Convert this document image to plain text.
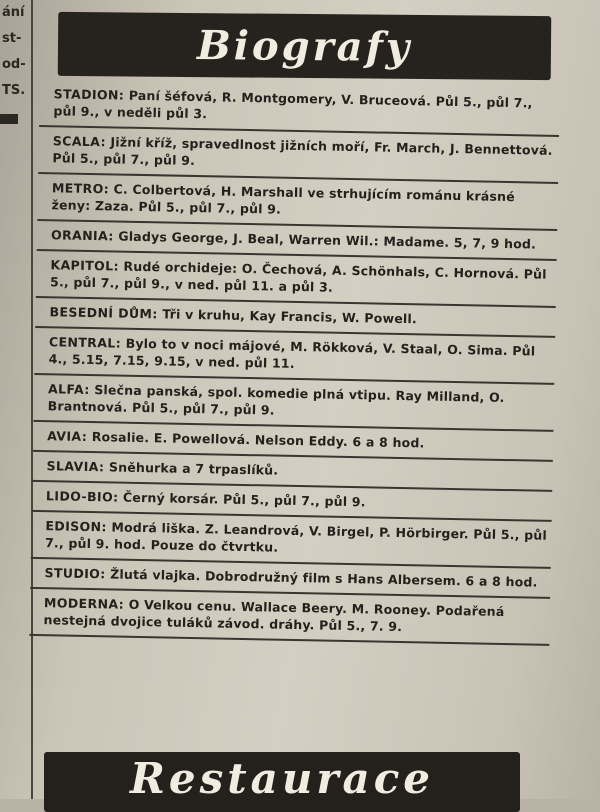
ání
st-
od-
TS.
Biografy
STADION: Paní šéfová, R. Montgomery, V. Bruceová. Půl 5., půl 7., půl 9., v neděli půl 3.
SCALA: Jižní kříž, spravedlnost jižních moří, Fr. March, J. Bennettová. Půl 5., půl 7., půl 9.
METRO: C. Colbertová, H. Marshall ve strhujícím románu krásné ženy: Zaza. Půl 5., půl 7., půl 9.
ORANIA: Gladys George, J. Beal, Warren Wil.: Madame. 5, 7, 9 hod.
KAPITOL: Rudé orchideje: O. Čechová, A. Schönhals, C. Hornová. Půl 5., půl 7., půl 9., v ned. půl 11. a půl 3.
BESEDNÍ DŮM: Tři v kruhu, Kay Francis, W. Powell.
CENTRAL: Bylo to v noci májové, M. Rökková, V. Staal, O. Sima. Půl 4., 5.15, 7.15, 9.15, v ned. půl 11.
ALFA: Slečna panská, spol. komedie plná vtipu. Ray Milland, O. Brantnová. Půl 5., půl 7., půl 9.
AVIA: Rosalie. E. Powellová. Nelson Eddy. 6 a 8 hod.
SLAVIA: Sněhurka a 7 trpaslíků.
LIDO-BIO: Černý korsár. Půl 5., půl 7., půl 9.
EDISON: Modrá liška. Z. Leandrová, V. Birgel, P. Hörbirger. Půl 5., půl 7., půl 9. hod. Pouze do čtvrtku.
STUDIO: Žlutá vlajka. Dobrodružný film s Hans Albersem. 6 a 8 hod.
MODERNA: O Velkou cenu. Wallace Beery. M. Rooney. Podařená nestejná dvojice tuláků závod. dráhy. Půl 5., 7. 9.
Restaurace
